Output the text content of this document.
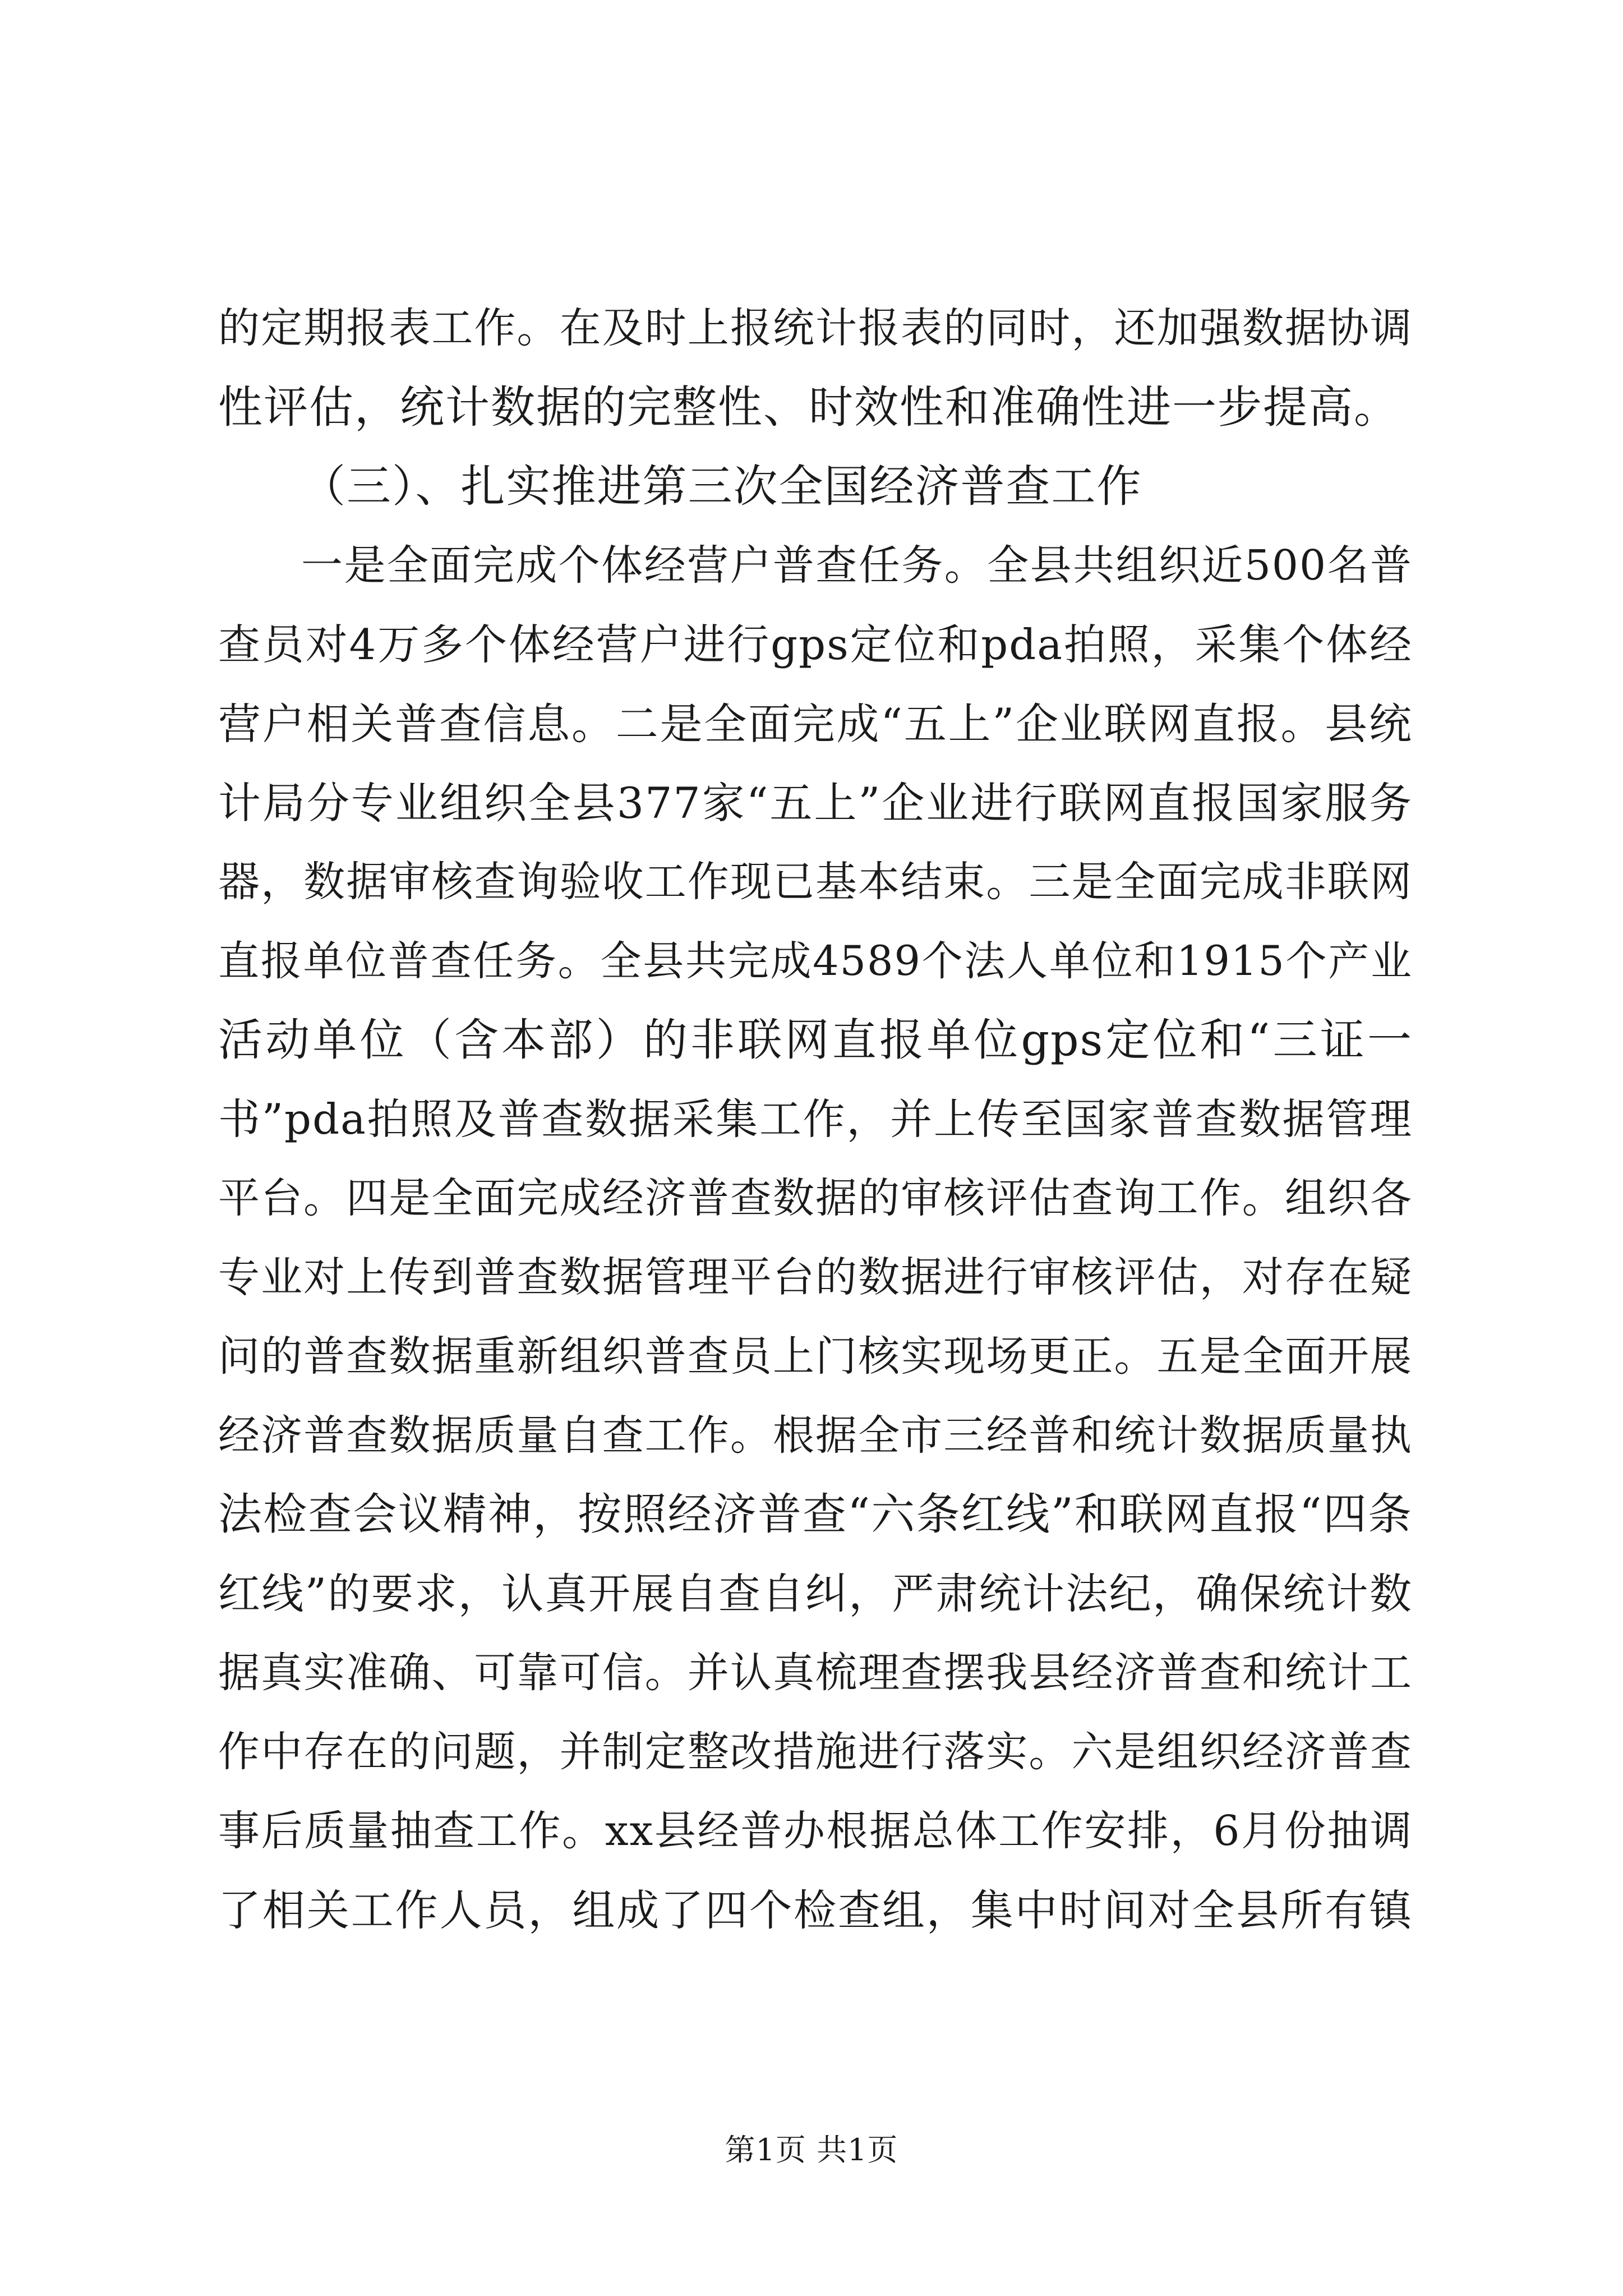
的定期报表工作。在及时上报统计报表的同时，还加强数据协调
性评估，统计数据的完整性、时效性和准确性进一步提高。
（三）、扎实推进第三次全国经济普查工作
一是全面完成个体经营户普查任务。全县共组织近500名普
查员对4万多个体经营户进行gps定位和pda拍照，采集个体经
营户相关普查信息。二是全面完成“五上”企业联网直报。县统
计局分专业组织全县377家“五上”企业进行联网直报国家服务
器，数据审核查询验收工作现已基本结束。三是全面完成非联网
直报单位普查任务。全县共完成4589个法人单位和1915个产业
活动单位（含本部）的非联网直报单位gps定位和“三证一
书”pda拍照及普查数据采集工作，并上传至国家普查数据管理
平台。四是全面完成经济普查数据的审核评估查询工作。组织各
专业对上传到普查数据管理平台的数据进行审核评估，对存在疑
问的普查数据重新组织普查员上门核实现场更正。五是全面开展
经济普查数据质量自查工作。根据全市三经普和统计数据质量执
法检查会议精神，按照经济普查“六条红线”和联网直报“四条
红线”的要求，认真开展自查自纠，严肃统计法纪，确保统计数
据真实准确、可靠可信。并认真梳理查摆我县经济普查和统计工
作中存在的问题，并制定整改措施进行落实。六是组织经济普查
事后质量抽查工作。xx县经普办根据总体工作安排，6月份抽调
了相关工作人员，组成了四个检查组，集中时间对全县所有镇
第1页 共1页
